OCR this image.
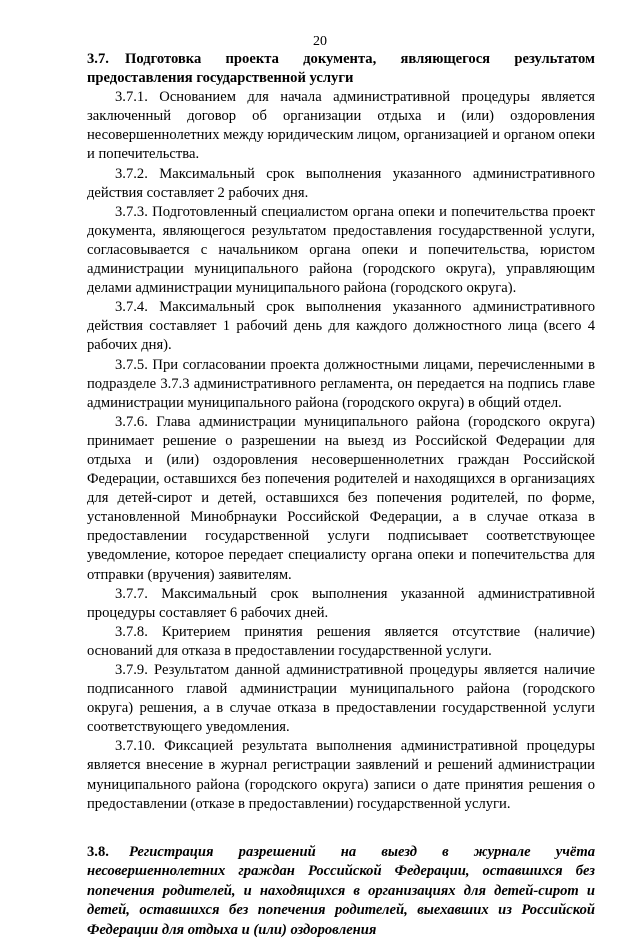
20

3.7. Подготовка проекта документа, являющегося результатом предоставления государственной услуги

3.7.1. Основанием для начала административной процедуры является заключенный договор об организации отдыха и (или) оздоровления несовершеннолетних между юридическим лицом, организацией и органом опеки и попечительства.

3.7.2. Максимальный срок выполнения указанного административного действия составляет 2 рабочих дня.

3.7.3. Подготовленный специалистом органа опеки и попечительства проект документа, являющегося результатом предоставления государственной услуги, согласовывается с начальником органа опеки и попечительства, юристом администрации муниципального района (городского округа), управляющим делами администрации муниципального района (городского округа).

3.7.4. Максимальный срок выполнения указанного административного действия составляет 1 рабочий день для каждого должностного лица (всего 4 рабочих дня).

3.7.5. При согласовании проекта должностными лицами, перечисленными в подразделе 3.7.3 административного регламента, он передается на подпись главе администрации муниципального района (городского округа) в общий отдел.

3.7.6. Глава администрации муниципального района (городского округа) принимает решение о разрешении на выезд из Российской Федерации для отдыха и (или) оздоровления несовершеннолетних граждан Российской Федерации, оставшихся без попечения родителей и находящихся в организациях для детей-сирот и детей, оставшихся без попечения родителей, по форме, установленной Минобрнауки Российской Федерации, а в случае отказа в предоставлении государственной услуги подписывает соответствующее уведомление, которое передает специалисту органа опеки и попечительства для отправки (вручения) заявителям.

3.7.7. Максимальный срок выполнения указанной административной процедуры составляет 6 рабочих дней.

3.7.8. Критерием принятия решения является отсутствие (наличие) оснований для отказа в предоставлении государственной услуги.

3.7.9. Результатом данной административной процедуры является наличие подписанного главой администрации муниципального района (городского округа) решения, а в случае отказа в предоставлении государственной услуги соответствующего уведомления.

3.7.10. Фиксацией результата выполнения административной процедуры является внесение в журнал регистрации заявлений и решений администрации муниципального района (городского округа) записи о дате принятия решения о предоставлении (отказе в предоставлении) государственной услуги.

3.8. Регистрация разрешений на выезд в журнале учёта несовершеннолетних граждан Российской Федерации, оставшихся без попечения родителей, и находящихся в организациях для детей-сирот и детей, оставшихся без попечения родителей, выехавших из Российской Федерации для отдыха и (или) оздоровления
